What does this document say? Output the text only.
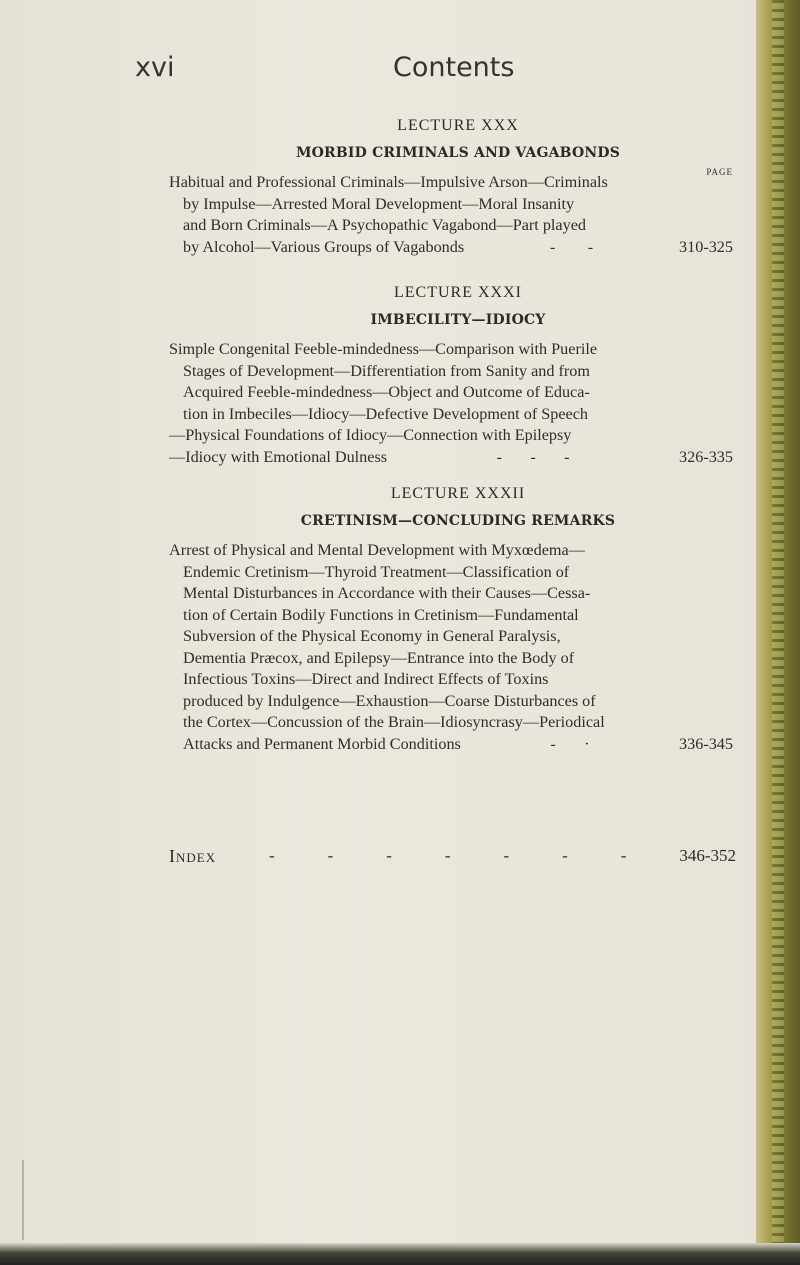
xvi	Contents
LECTURE XXX
MORBID CRIMINALS AND VAGABONDS
PAGE
Habitual and Professional Criminals—Impulsive Arson—Criminals
by Impulse—Arrested Moral Development—Moral Insanity
and Born Criminals—A Psychopathic Vagabond—Part played
by Alcohol—Various Groups of Vagabonds	-        -	310-325
LECTURE XXXI
IMBECILITY—IDIOCY
Simple Congenital Feeble-mindedness—Comparison with Puerile
Stages of Development—Differentiation from Sanity and from
Acquired Feeble-mindedness—Object and Outcome of Educa-
tion in Imbeciles—Idiocy—Defective Development of Speech
—Physical Foundations of Idiocy—Connection with Epilepsy
—Idiocy with Emotional Dulness	-       -       -	326-335
LECTURE XXXII
CRETINISM—CONCLUDING REMARKS
Arrest of Physical and Mental Development with Myxœdema—
Endemic Cretinism—Thyroid Treatment—Classification of
Mental Disturbances in Accordance with their Causes—Cessa-
tion of Certain Bodily Functions in Cretinism—Fundamental
Subversion of the Physical Economy in General Paralysis,
Dementia Præcox, and Epilepsy—Entrance into the Body of
Infectious Toxins—Direct and Indirect Effects of Toxins
produced by Indulgence—Exhaustion—Coarse Disturbances of
the Cortex—Concussion of the Brain—Idiosyncrasy—Periodical
Attacks and Permanent Morbid Conditions	-       ·	336-345
Index	-	-	-	-	-	-	-	346-352
